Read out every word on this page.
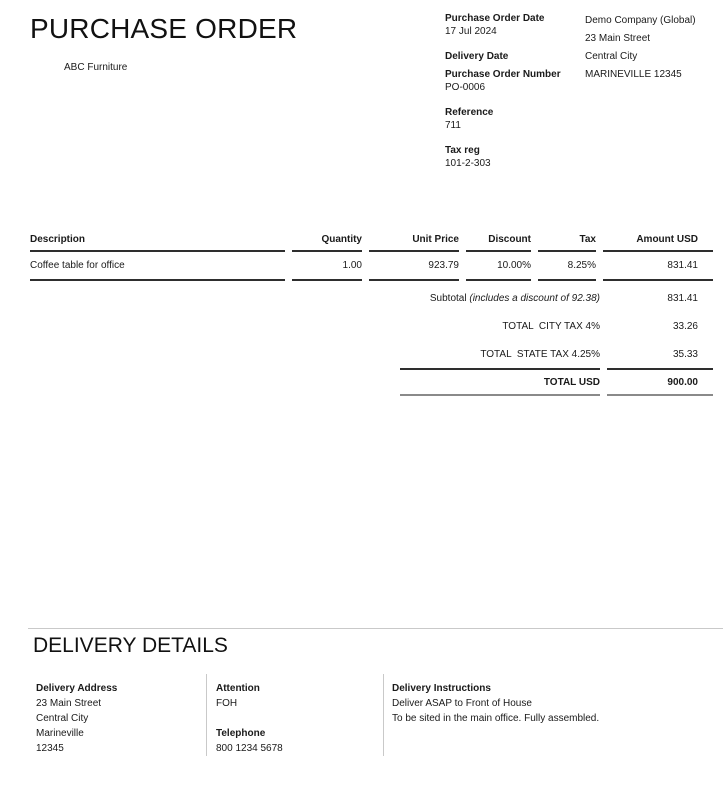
PURCHASE ORDER
ABC Furniture
Purchase Order Date
17 Jul 2024
Delivery Date
Purchase Order Number
PO-0006
Reference
711
Tax reg
101-2-303
Demo Company (Global)
23 Main Street
Central City
MARINEVILLE 12345
Description	Quantity	Unit Price	Discount	Tax	Amount USD
Coffee table for office	1.00	923.79	10.00%	8.25%	831.41
Subtotal (includes a discount of 92.38)	831.41
TOTAL  CITY TAX 4%	33.26
TOTAL  STATE TAX 4.25%	35.33
TOTAL USD	900.00
DELIVERY DETAILS
Delivery Address
23 Main Street
Central City
Marineville
12345
Attention
FOH
Telephone
800 1234 5678
Delivery Instructions
Deliver ASAP to Front of House
To be sited in the main office. Fully assembled.
